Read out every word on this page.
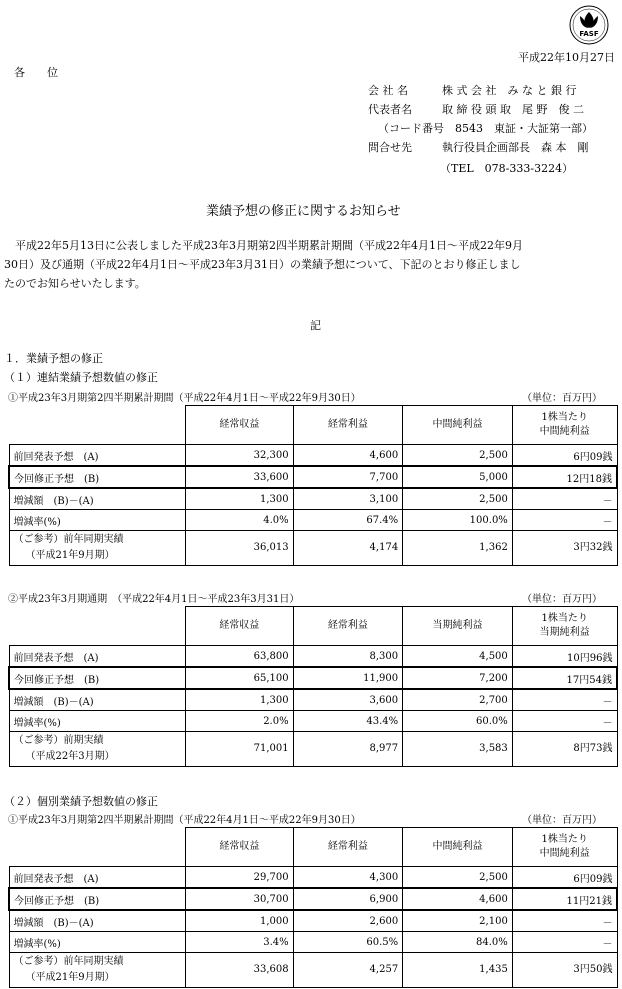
FASF
平成22年10月27日
各　　位
会 社 名	株 式 会 社　み な と 銀 行
代表者名	取 締 役 頭 取　尾 野　俊 二
（コード番号　8543　東証・大証第一部）
問合せ先	執行役員企画部長　森 本　剛
（TEL　078-333-3224）
業績予想の修正に関するお知らせ

　平成22年5月13日に公表しました平成23年3月期第2四半期累計期間（平成22年4月1日～平成22年9月
30日）及び通期（平成22年4月1日～平成23年3月31日）の業績予想について、下記のとおり修正しまし
たのでお知らせいたします。

記
１．業績予想の修正
（１）連結業績予想数値の修正
①平成23年3月期第2四半期累計期間（平成22年4月1日～平成22年9月30日）	（単位：百万円）
	経常収益	経常利益	中間純利益	1株当たり
中間純利益

前回発表予想　(A)	32,300	4,600	2,500	6円09銭
今回修正予想　(B)	33,600	7,700	5,000	12円18銭
増減額　(B)－(A)	1,300	3,100	2,500	－
増減率(%)	4.0%	67.4%	100.0%	－

（ご参考）前年同期実績
（平成21年9月期）	36,013	4,174	1,362	3円32銭
②平成23年3月期通期　（平成22年4月1日～平成23年3月31日）	（単位：百万円）
	経常収益	経常利益	当期純利益	1株当たり
当期純利益

前回発表予想　(A)	63,800	8,300	4,500	10円96銭
今回修正予想　(B)	65,100	11,900	7,200	17円54銭
増減額　(B)－(A)	1,300	3,600	2,700	－
増減率(%)	2.0%	43.4%	60.0%	－

（ご参考）前期実績
（平成22年3月期）	71,001	8,977	3,583	8円73銭
（２）個別業績予想数値の修正
①平成23年3月期第2四半期累計期間（平成22年4月1日～平成22年9月30日）	（単位：百万円）
	経常収益	経常利益	中間純利益	1株当たり
中間純利益

前回発表予想　(A)	29,700	4,300	2,500	6円09銭
今回修正予想　(B)	30,700	6,900	4,600	11円21銭
増減額　(B)－(A)	1,000	2,600	2,100	－
増減率(%)	3.4%	60.5%	84.0%	－

（ご参考）前年同期実績
（平成21年9月期）	33,608	4,257	1,435	3円50銭
